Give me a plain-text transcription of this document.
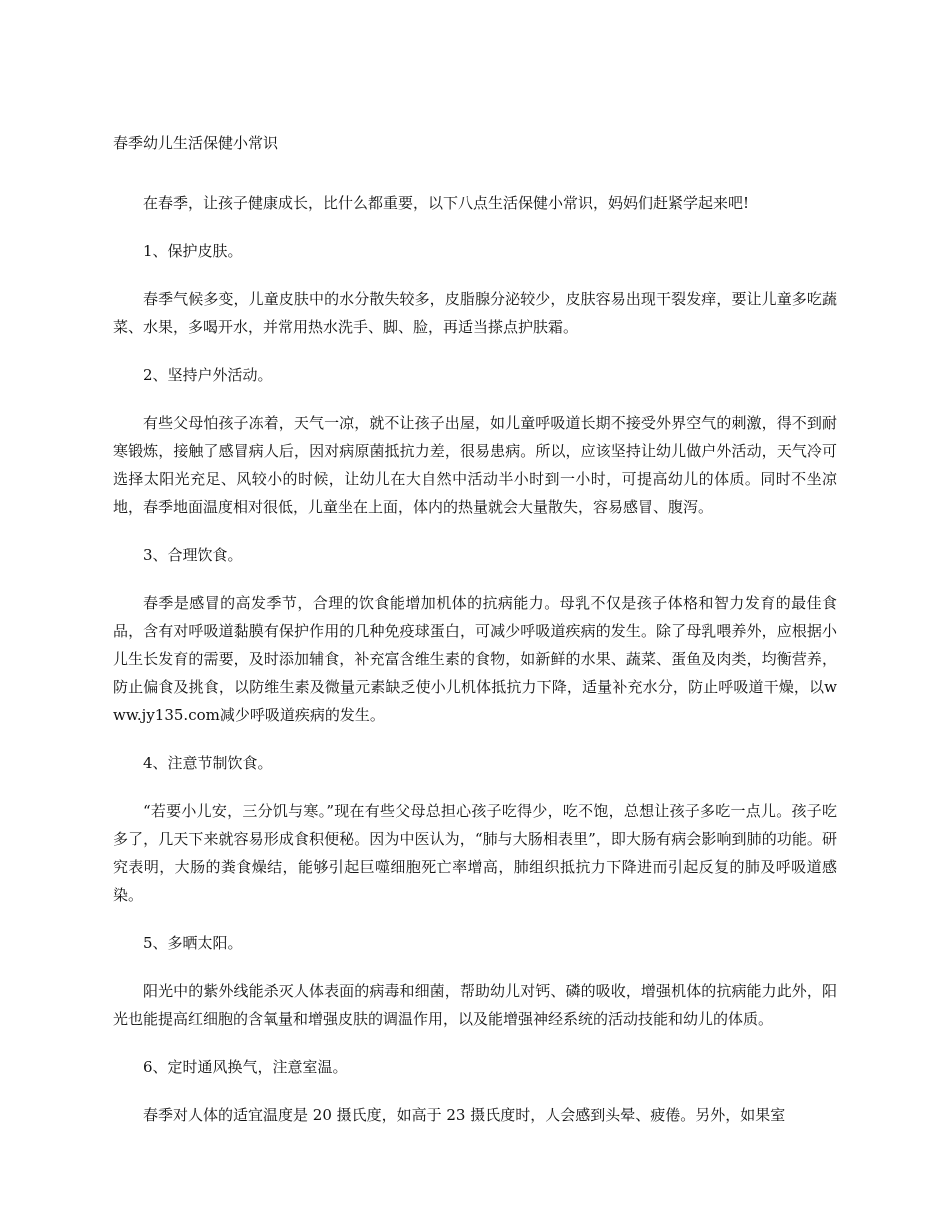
春季幼儿生活保健小常识

在春季，让孩子健康成长，比什么都重要，以下八点生活保健小常识，妈妈们赶紧学起来吧!

1、保护皮肤。

春季气候多变，儿童皮肤中的水分散失较多，皮脂腺分泌较少，皮肤容易出现干裂发痒，要让儿童多吃蔬菜、水果，多喝开水，并常用热水洗手、脚、脸，再适当搽点护肤霜。

2、坚持户外活动。

有些父母怕孩子冻着，天气一凉，就不让孩子出屋，如儿童呼吸道长期不接受外界空气的刺激，得不到耐寒锻炼，接触了感冒病人后，因对病原菌抵抗力差，很易患病。所以，应该坚持让幼儿做户外活动，天气冷可选择太阳光充足、风较小的时候，让幼儿在大自然中活动半小时到一小时，可提高幼儿的体质。同时不坐凉地，春季地面温度相对很低，儿童坐在上面，体内的热量就会大量散失，容易感冒、腹泻。

3、合理饮食。

春季是感冒的高发季节，合理的饮食能增加机体的抗病能力。母乳不仅是孩子体格和智力发育的最佳食品，含有对呼吸道黏膜有保护作用的几种免疫球蛋白，可减少呼吸道疾病的发生。除了母乳喂养外，应根据小儿生长发育的需要，及时添加辅食，补充富含维生素的食物，如新鲜的水果、蔬菜、蛋鱼及肉类，均衡营养，防止偏食及挑食，以防维生素及微量元素缺乏使小儿机体抵抗力下降，适量补充水分，防止呼吸道干燥，以www.jy135.com减少呼吸道疾病的发生。

4、注意节制饮食。

“若要小儿安，三分饥与寒。”现在有些父母总担心孩子吃得少，吃不饱，总想让孩子多吃一点儿。孩子吃多了，几天下来就容易形成食积便秘。因为中医认为，“肺与大肠相表里”，即大肠有病会影响到肺的功能。研究表明，大肠的粪食燥结，能够引起巨噬细胞死亡率增高，肺组织抵抗力下降进而引起反复的肺及呼吸道感染。

5、多晒太阳。

阳光中的紫外线能杀灭人体表面的病毒和细菌，帮助幼儿对钙、磷的吸收，增强机体的抗病能力此外，阳光也能提高红细胞的含氧量和增强皮肤的调温作用，以及能增强神经系统的活动技能和幼儿的体质。

6、定时通风换气，注意室温。

春季对人体的适宜温度是 20 摄氏度，如高于 23 摄氏度时，人会感到头晕、疲倦。另外，如果室
